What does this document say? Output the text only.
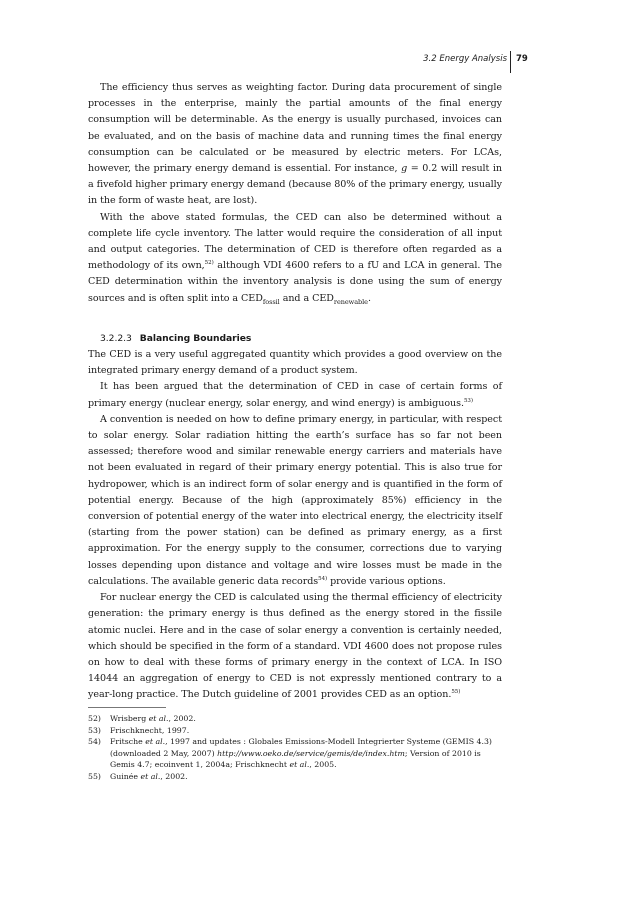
3.2 Energy Analysis 79

The efficiency thus serves as weighting factor. During data procurement of single processes in the enterprise, mainly the partial amounts of the final energy consumption will be determinable. As the energy is usually purchased, invoices can be evaluated, and on the basis of machine data and running times the final energy consumption can be calculated or be measured by electric meters. For LCAs, however, the primary energy demand is essential. For instance, g = 0.2 will result in a fivefold higher primary energy demand (because 80% of the primary energy, usually in the form of waste heat, are lost).

With the above stated formulas, the CED can also be determined without a complete life cycle inventory. The latter would require the consideration of all input and output categories. The determination of CED is therefore often regarded as a methodology of its own,$^{52)}$ although VDI 4600 refers to a fU and LCA in general. The CED determination within the inventory analysis is done using the sum of energy sources and is often split into a $CED_{fossil}$ and a $CED_{renewable}$.

3.2.2.3 Balancing Boundaries

The CED is a very useful aggregated quantity which provides a good overview on the integrated primary energy demand of a product system.

It has been argued that the determination of CED in case of certain forms of primary energy (nuclear energy, solar energy, and wind energy) is ambiguous.$^{53)}$

A convention is needed on how to define primary energy, in particular, with respect to solar energy. Solar radiation hitting the earth’s surface has so far not been assessed; therefore wood and similar renewable energy carriers and materials have not been evaluated in regard of their primary energy potential. This is also true for hydropower, which is an indirect form of solar energy and is quantified in the form of potential energy. Because of the high (approximately 85%) efficiency in the conversion of potential energy of the water into electrical energy, the electricity itself (starting from the power station) can be defined as primary energy, as a first approximation. For the energy supply to the consumer, corrections due to varying losses depending upon distance and voltage and wire losses must be made in the calculations. The available generic data records$^{54)}$ provide various options.

For nuclear energy the CED is calculated using the thermal efficiency of electricity generation: the primary energy is thus defined as the energy stored in the fissile atomic nuclei. Here and in the case of solar energy a convention is certainly needed, which should be specified in the form of a standard. VDI 4600 does not propose rules on how to deal with these forms of primary energy in the context of LCA. In ISO 14044 an aggregation of energy to CED is not expressly mentioned contrary to a year-long practice. The Dutch guideline of 2001 provides CED as an option.$^{55)}$

52)	Wrisberg et al., 2002.
53)	Frischknecht, 1997.
54)	Fritsche et al., 1997 and updates : Globales Emissions-Modell Integrierter Systeme (GEMIS 4.3) (downloaded 2 May, 2007) http://www.oeko.de/service/gemis/de/index.htm; Version of 2010 is Gemis 4.7; ecoinvent 1, 2004a; Frischknecht et al., 2005.
55)	Guinée et al., 2002.
